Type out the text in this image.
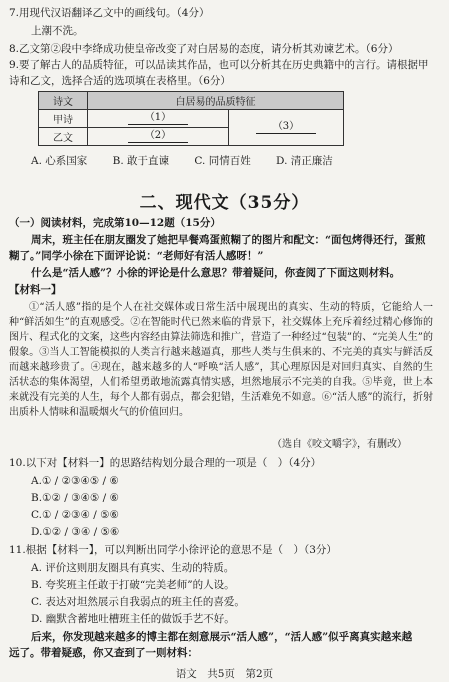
7.用现代汉语翻译乙文中的画线句。（4分）
上潮不洗。
8.乙文第②段中李绛成功使皇帝改变了对白居易的态度，请分析其劝谏艺术。（6分）
9.要了解古人的品质特征，可以品读其作品，也可以分析其在历史典籍中的言行。请根据甲
诗和乙文，选择合适的选项填在表格里。（6分）
诗文	白居易的品质特征	
甲诗	（1）	（3）
乙文	（2）	
A. 心系国家 B. 敢于直谏 C. 同情百姓 D. 清正廉洁
二、现代文（35分）
（一）阅读材料，完成第10—12题（15分）
周末，班主任在朋友圈发了她把早餐鸡蛋煎糊了的图片和配文：“面包烤得还行，蛋煎
糊了。”同学小徐在下面评论说：“老师好有活人感呀！”
什么是“活人感”？小徐的评论是什么意思？带着疑问，你查阅了下面这则材料。
【材料一】
①“活人感”指的是个人在社交媒体或日常生活中展现出的真实、生动的特质，它能给人一种“鲜活如生”的直观感受。②在智能时代已然来临的背景下，社交媒体上充斥着经过精心修饰的图片、程式化的文案，这些内容经由算法筛选和推广，营造了一种经过“包装”的、“完美人生”的假象。③当人工智能模拟的人类言行越来越逼真，那些人类与生俱来的、不完美的真实与鲜活反而越来越珍贵了。④现在，越来越多的人“呼唤“活人感”，其心理原因是对回归真实、自然的生活状态的集体渴望，人们希望勇敢地流露真情实感，坦然地展示不完美的自我。⑤毕竟，世上本来就没有完美的人生，每个人都有弱点，都会犯错，生活难免不如意。⑥“活人感”的流行，折射出质朴人情味和温暖烟火气的价值回归。
（选自《咬文嚼字》，有删改）
10.以下对【材料一】的思路结构划分最合理的一项是（　）（4分）
A.① / ②③④⑤ / ⑥
B.①② / ③④⑤ / ⑥
C.① / ②③④ / ⑤⑥
D.①② / ③④ / ⑤⑥
11.根据【材料一】，可以判断出同学小徐评论的意思不是（　）（3分）
A. 评价这则朋友圈具有真实、生动的特质。
B. 夸奖班主任敢于打破“完美老师”的人设。
C. 表达对坦然展示自我弱点的班主任的喜爱。
D. 幽默含蓄地吐槽班主任的做饭手艺不好。
后来，你发现越来越多的博主都在刻意展示“活人感”，“活人感”似乎离真实越来越
远了。带着疑惑，你又查到了一则材料：
语文　共5页　第2页
